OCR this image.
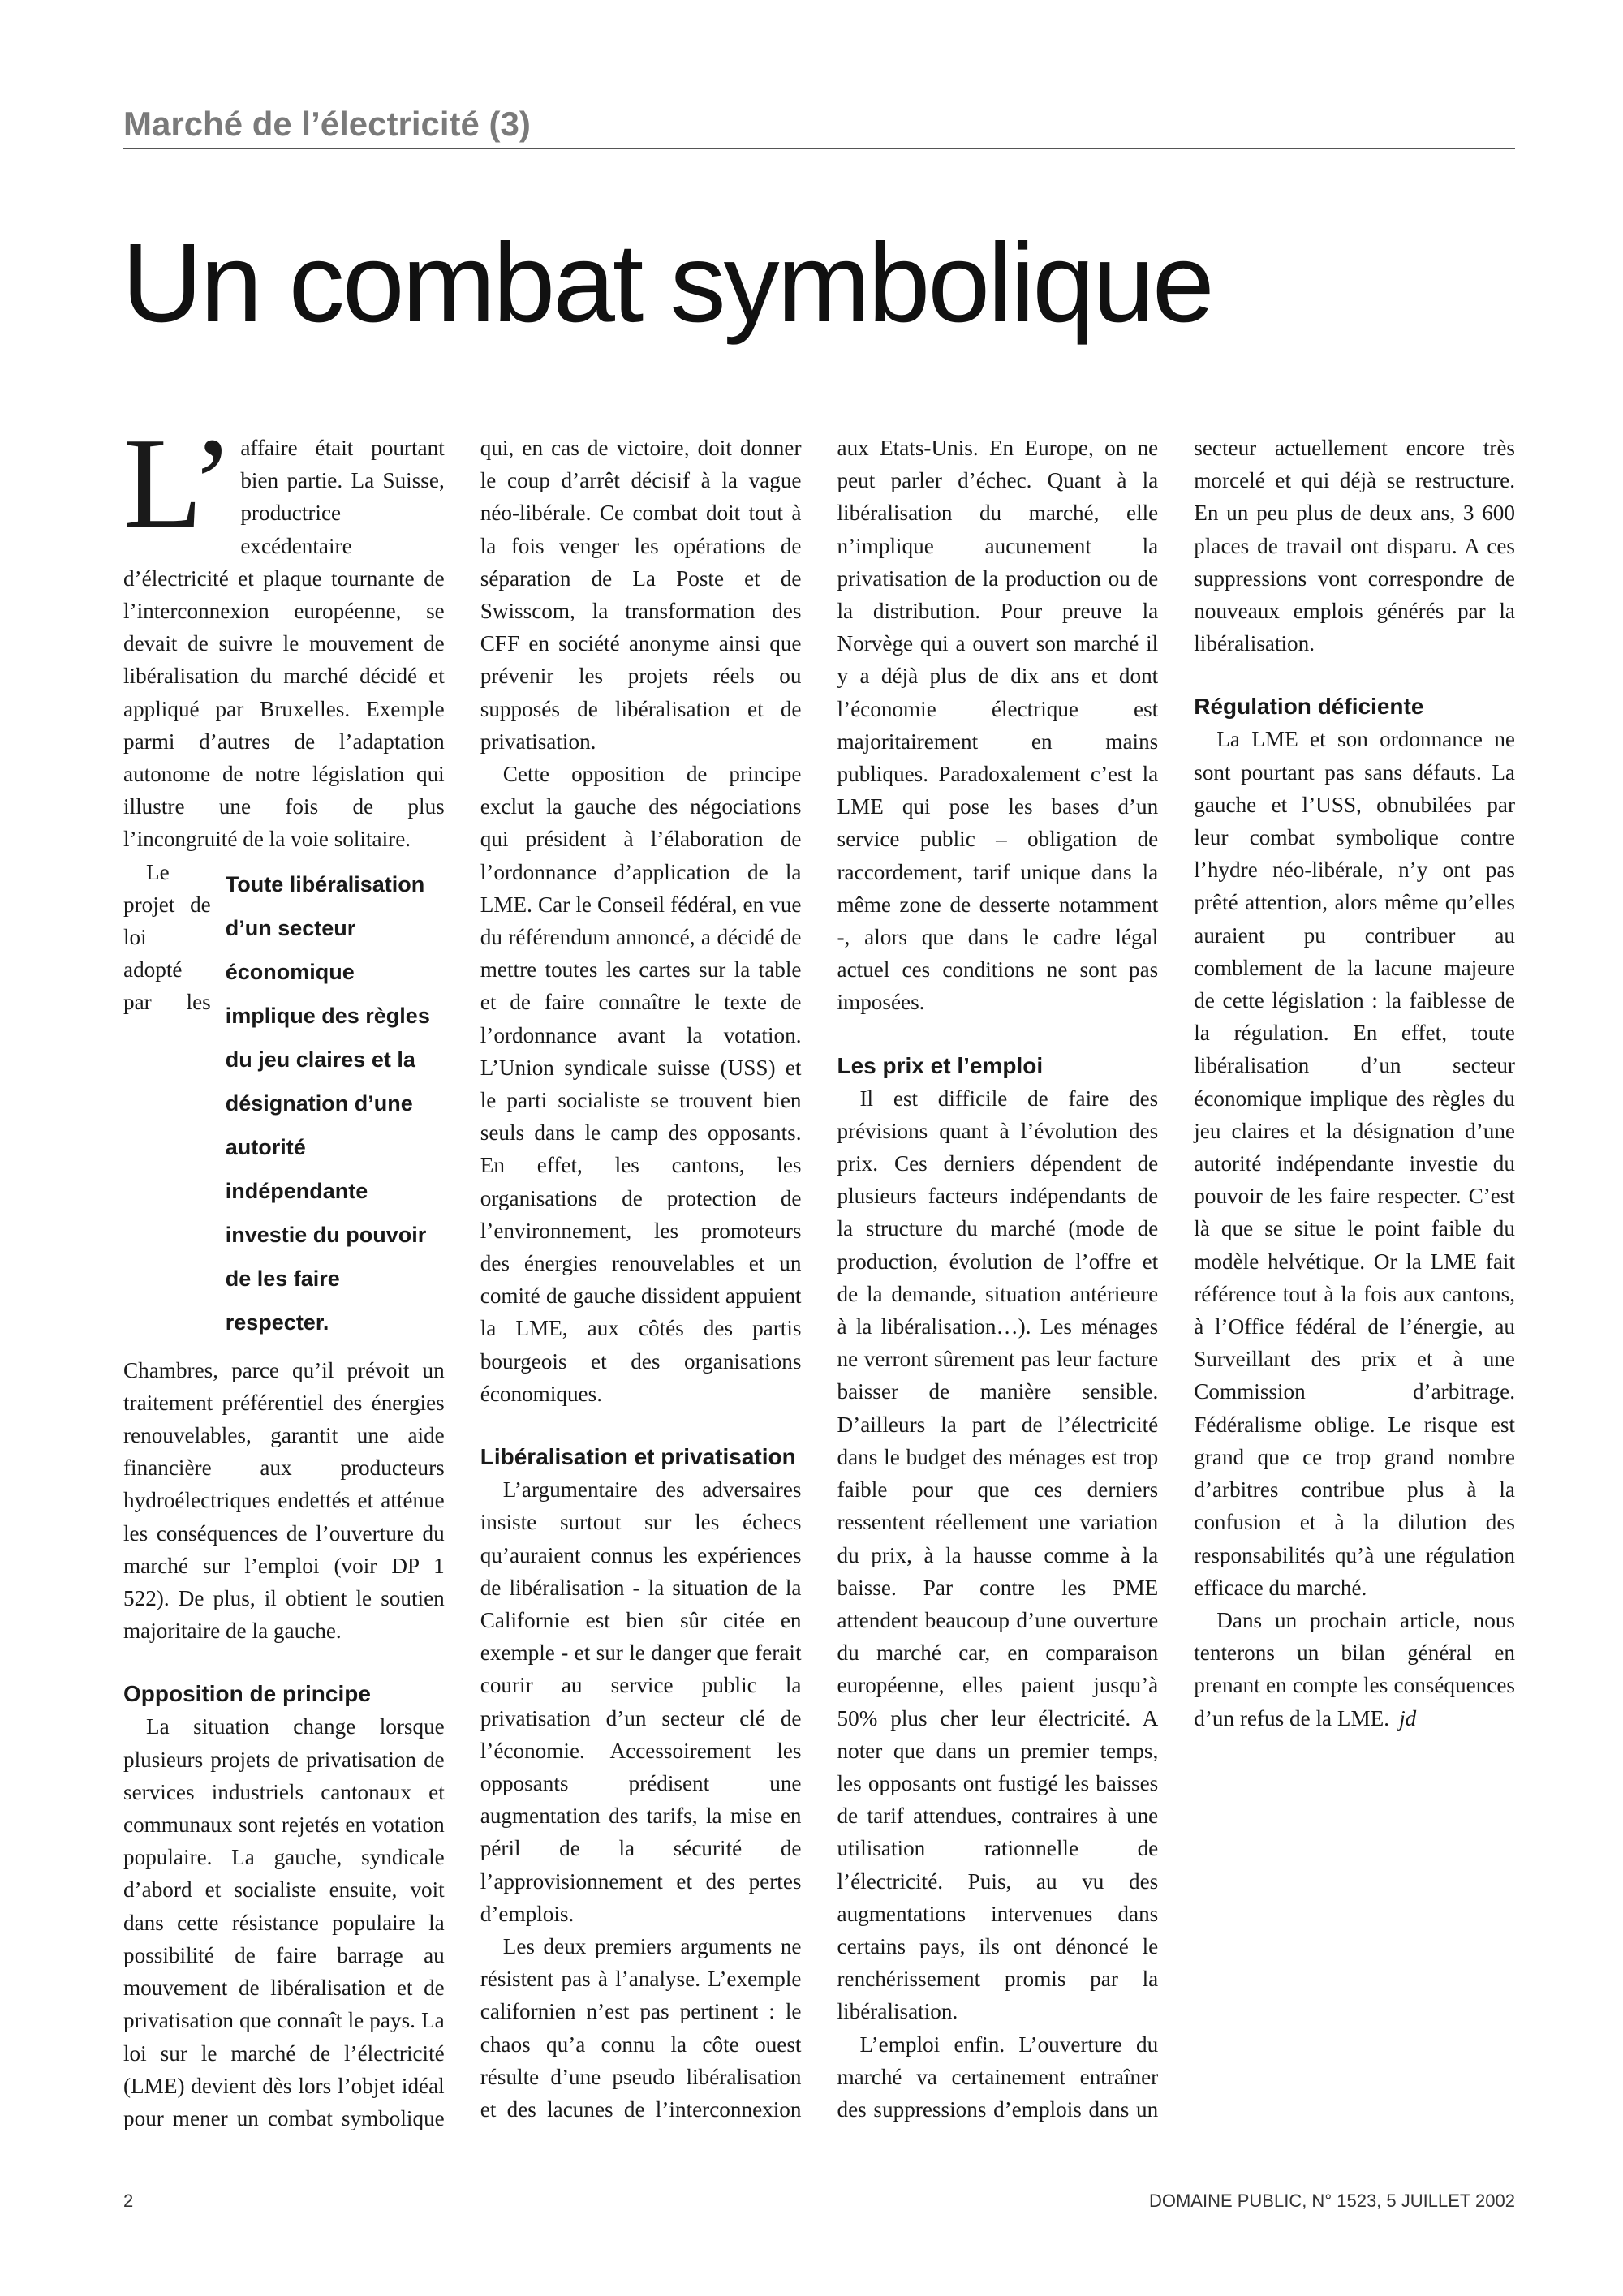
Marché de l’électricité (3)
Un combat symbolique

L’affaire était pourtant bien partie. La Suisse, productrice excédentaire d’électricité et plaque tournante de l’interconnexion européenne, se devait de suivre le mouvement de libéralisation du marché décidé et appliqué par Bruxelles. Exemple parmi d’autres de l’adaptation autonome de notre législation qui illustre une fois de plus l’incongruité de la voie solitaire.

Toute libéralisation d’un secteur économique implique des règles du jeu claires et la désignation d’une autorité indépendante investie du pouvoir de les faire respecter.

Le projet de loi adopté par les Chambres, parce qu’il prévoit un traitement préférentiel des énergies renouvelables, garantit une aide financière aux producteurs hydroélectriques endettés et atténue les conséquences de l’ouverture du marché sur l’emploi (voir DP 1 522). De plus, il obtient le soutien majoritaire de la gauche.

Opposition de principe

La situation change lorsque plusieurs projets de privatisation de services industriels cantonaux et communaux sont rejetés en votation populaire. La gauche, syndicale d’abord et socialiste ensuite, voit dans cette résistance populaire la possibilité de faire barrage au mouvement de libéralisation et de privatisation que connaît le pays. La loi sur le marché de l’électricité (LME) devient dès lors l’objet idéal pour mener un combat symbolique qui, en cas de victoire, doit donner le coup d’arrêt décisif à la vague néo-libérale. Ce combat doit tout à la fois venger les opérations de séparation de La Poste et de Swisscom, la transformation des CFF en société anonyme ainsi que prévenir les projets réels ou supposés de libéralisation et de privatisation.

Cette opposition de principe exclut la gauche des négociations qui président à l’élaboration de l’ordonnance d’application de la LME. Car le Conseil fédéral, en vue du référendum annoncé, a décidé de mettre toutes les cartes sur la table et de faire connaître le texte de l’ordonnance avant la votation. L’Union syndicale suisse (USS) et le parti socialiste se trouvent bien seuls dans le camp des opposants. En effet, les cantons, les organisations de protection de l’environnement, les promoteurs des énergies renouvelables et un comité de gauche dissident appuient la LME, aux côtés des partis bourgeois et des organisations économiques.

Libéralisation et privatisation

L’argumentaire des adversaires insiste surtout sur les échecs qu’auraient connus les expériences de libéralisation - la situation de la Californie est bien sûr citée en exemple - et sur le danger que ferait courir au service public la privatisation d’un secteur clé de l’économie. Accessoirement les opposants prédisent une augmentation des tarifs, la mise en péril de la sécurité de l’approvisionnement et des pertes d’emplois.

Les deux premiers arguments ne résistent pas à l’analyse. L’exemple californien n’est pas pertinent : le chaos qu’a connu la côte ouest résulte d’une pseudo libéralisation et des lacunes de l’interconnexion aux Etats-Unis. En Europe, on ne peut parler d’échec. Quant à la libéralisation du marché, elle n’implique aucunement la privatisation de la production ou de la distribution. Pour preuve la Norvège qui a ouvert son marché il y a déjà plus de dix ans et dont l’économie électrique est majoritairement en mains publiques. Paradoxalement c’est la LME qui pose les bases d’un service public – obligation de raccordement, tarif unique dans la même zone de desserte notamment -, alors que dans le cadre légal actuel ces conditions ne sont pas imposées.

Les prix et l’emploi

Il est difficile de faire des prévisions quant à l’évolution des prix. Ces derniers dépendent de plusieurs facteurs indépendants de la structure du marché (mode de production, évolution de l’offre et de la demande, situation antérieure à la libéralisation…). Les ménages ne verront sûrement pas leur facture baisser de manière sensible. D’ailleurs la part de l’électricité dans le budget des ménages est trop faible pour que ces derniers ressentent réellement une variation du prix, à la hausse comme à la baisse. Par contre les PME attendent beaucoup d’une ouverture du marché car, en comparaison européenne, elles paient jusqu’à 50% plus cher leur électricité. A noter que dans un premier temps, les opposants ont fustigé les baisses de tarif attendues, contraires à une utilisation rationnelle de l’électricité. Puis, au vu des augmentations intervenues dans certains pays, ils ont dénoncé le renchérissement promis par la libéralisation.

L’emploi enfin. L’ouverture du marché va certainement entraîner des suppressions d’emplois dans un secteur actuellement encore très morcelé et qui déjà se restructure. En un peu plus de deux ans, 3 600 places de travail ont disparu. A ces suppressions vont correspondre de nouveaux emplois générés par la libéralisation.

Régulation déficiente

La LME et son ordonnance ne sont pourtant pas sans défauts. La gauche et l’USS, obnubilées par leur combat symbolique contre l’hydre néo-libérale, n’y ont pas prêté attention, alors même qu’elles auraient pu contribuer au comblement de la lacune majeure de cette législation : la faiblesse de la régulation. En effet, toute libéralisation d’un secteur économique implique des règles du jeu claires et la désignation d’une autorité indépendante investie du pouvoir de les faire respecter. C’est là que se situe le point faible du modèle helvétique. Or la LME fait référence tout à la fois aux cantons, à l’Office fédéral de l’énergie, au Surveillant des prix et à une Commission d’arbitrage. Fédéralisme oblige. Le risque est grand que ce trop grand nombre d’arbitres contribue plus à la confusion et à la dilution des responsabilités qu’à une régulation efficace du marché.

Dans un prochain article, nous tenterons un bilan général en prenant en compte les conséquences d’un refus de la LME. jd

2	DOMAINE PUBLIC, N° 1523, 5 JUILLET 2002
